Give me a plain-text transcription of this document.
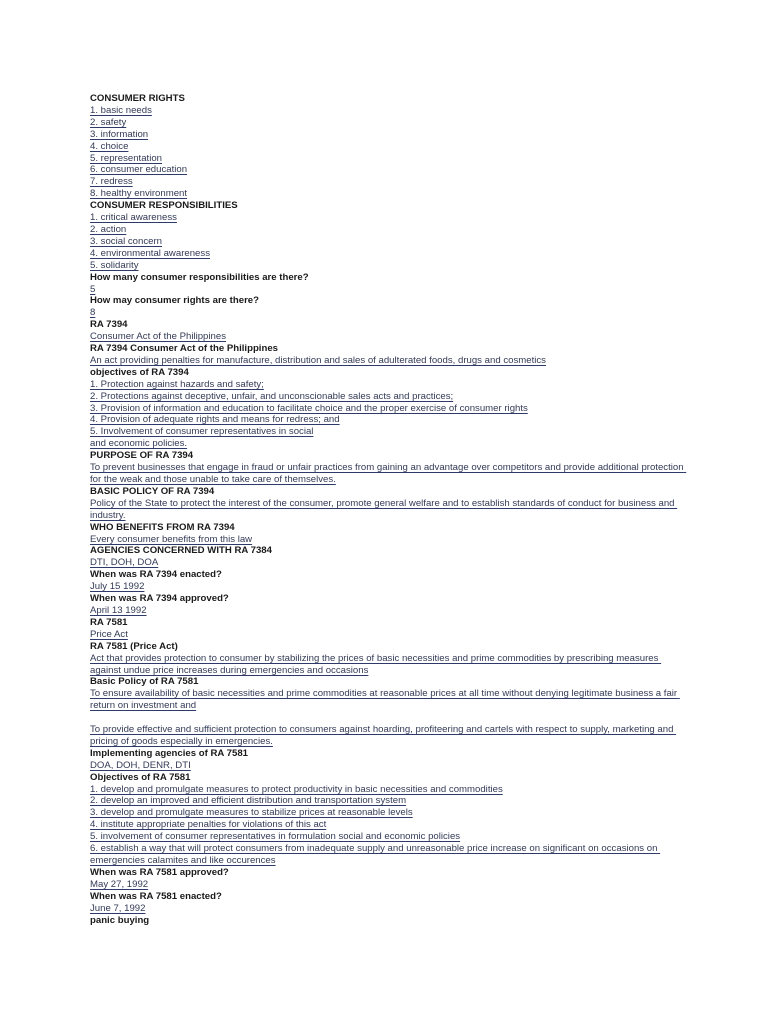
CONSUMER RIGHTS
1. basic needs
2. safety
3. information
4. choice
5. representation
6. consumer education
7. redress
8. healthy environment
CONSUMER RESPONSIBILITIES
1. critical awareness
2. action
3. social concern
4. environmental awareness
5. solidarity
How many consumer responsibilities are there?
5
How may consumer rights are there?
8
RA 7394
Consumer Act of the Philippines
RA 7394 Consumer Act of the Philippines
An act providing penalties for manufacture, distribution and sales of adulterated foods, drugs and cosmetics
objectives of RA 7394
1. Protection against hazards and safety;
2. Protections against deceptive, unfair, and unconscionable sales acts and practices;
3. Provision of information and education to facilitate choice and the proper exercise of consumer rights
4. Provision of adequate rights and means for redress; and
5. Involvement of consumer representatives in social
and economic policies.
PURPOSE OF RA 7394
To prevent businesses that engage in fraud or unfair practices from gaining an advantage over competitors and provide additional protection for the weak and those unable to take care of themselves.
BASIC POLICY OF RA 7394
Policy of the State to protect the interest of the consumer, promote general welfare and to establish standards of conduct for business and industry.
WHO BENEFITS FROM RA 7394
Every consumer benefits from this law
AGENCIES CONCERNED WITH RA 7384
DTI, DOH, DOA
When was RA 7394 enacted?
July 15 1992
When was RA 7394 approved?
April 13 1992
RA 7581
Price Act
RA 7581 (Price Act)
Act that provides protection to consumer by stabilizing the prices of basic necessities and prime commodities by prescribing measures against undue price increases during emergencies and occasions
Basic Policy of RA 7581
To ensure availability of basic necessities and prime commodities at reasonable prices at all time without denying legitimate business a fair return on investment and
To provide effective and sufficient protection to consumers against hoarding, profiteering and cartels with respect to supply, marketing and pricing of goods especially in emergencies.
Implementing agencies of RA 7581
DOA, DOH, DENR, DTI
Objectives of RA 7581
1. develop and promulgate measures to protect productivity in basic necessities and commodities
2. develop an improved and efficient distribution and transportation system
3. develop and promulgate measures to stabilize prices at reasonable levels
4. institute appropriate penalties for violations of this act
5. involvement of consumer representatives in formulation social and economic policies
6. establish a way that will protect consumers from inadequate supply and unreasonable price increase on significant on occasions on emergencies calamites and like occurences
When was RA 7581 approved?
May 27, 1992
When was RA 7581 enacted?
June 7, 1992
panic buying
